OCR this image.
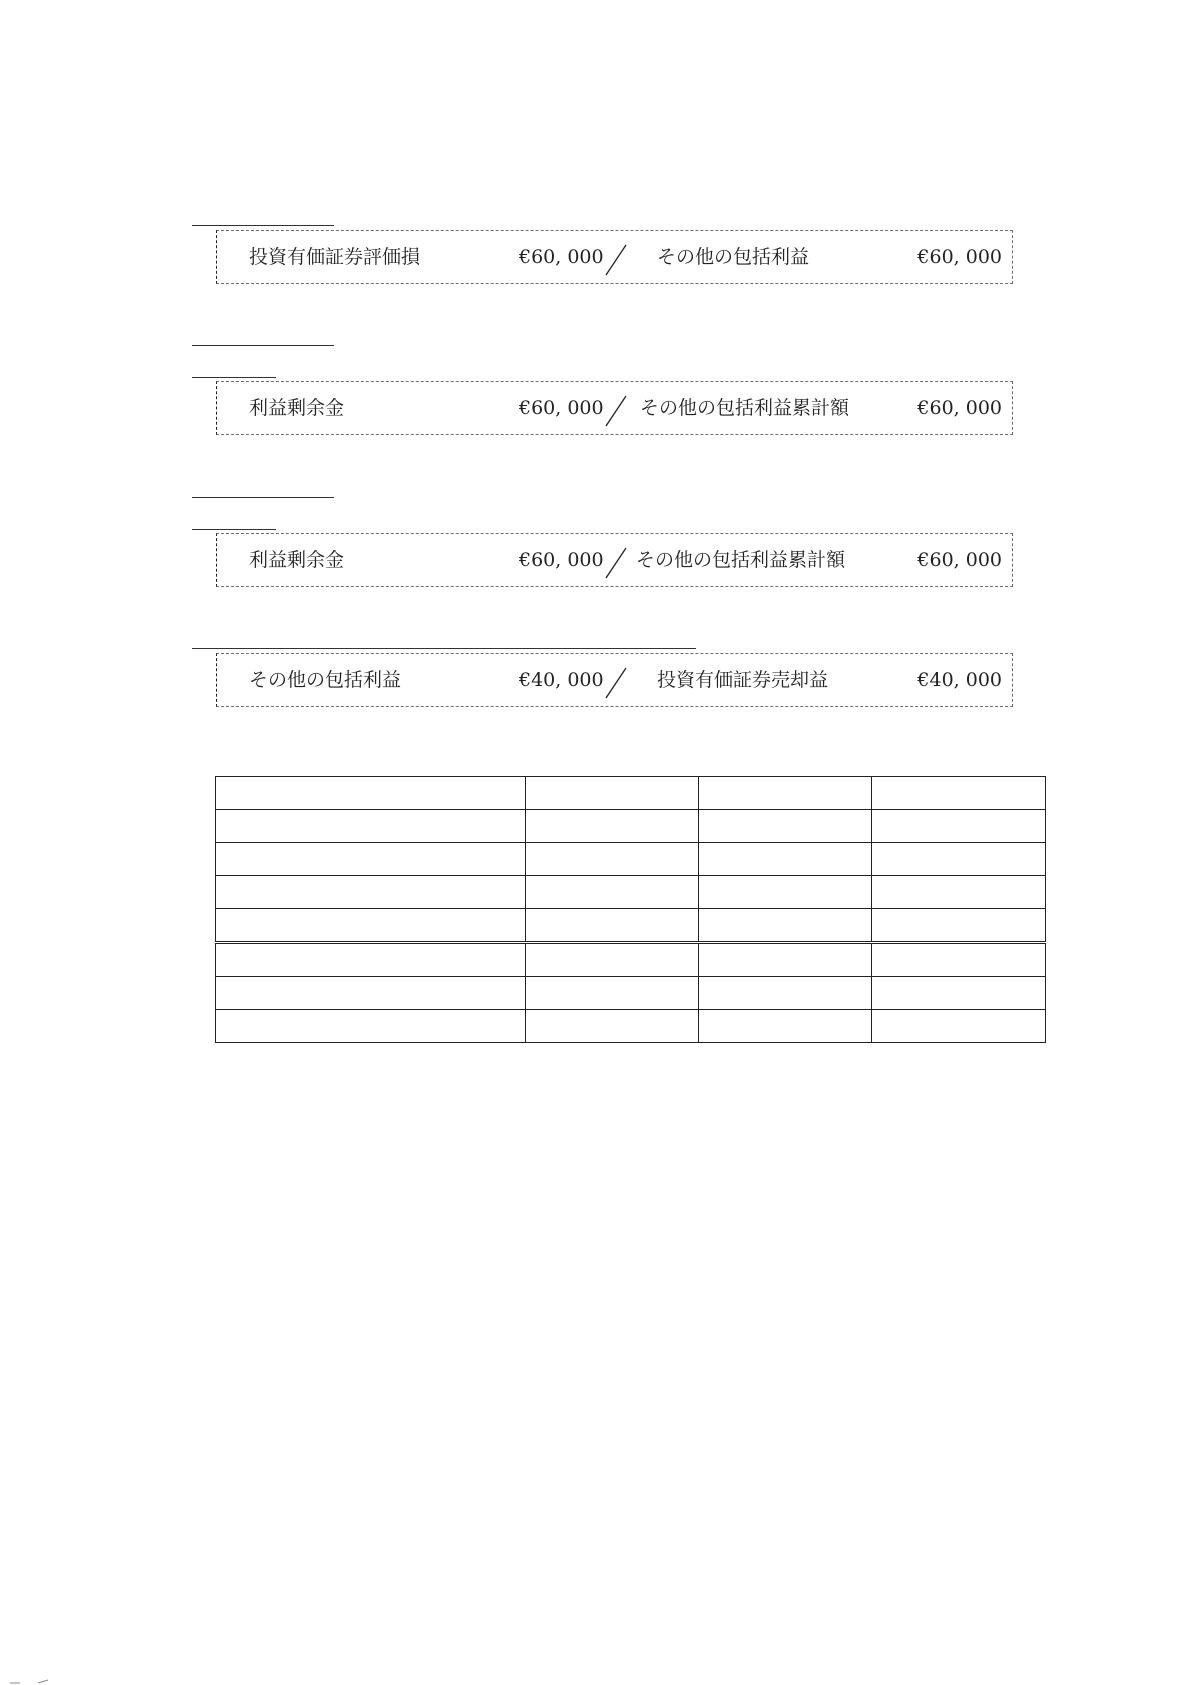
投資有価証券評価損	€60, 000	その他の包括利益	€60, 000
利益剰余金	€60, 000 その他の包括利益累計額	€60, 000
利益剰余金	€60, 000 その他の包括利益累計額	€60, 000
その他の包括利益	€40, 000	投資有価証券売却益	€40, 000
